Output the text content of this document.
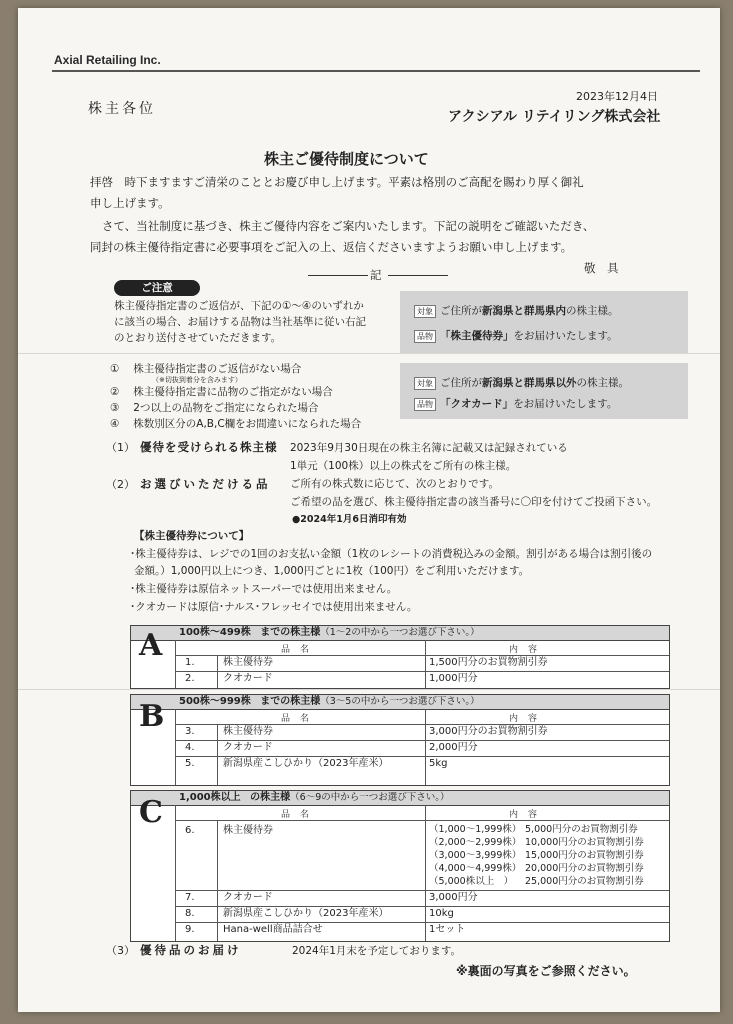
Axial Retailing Inc.
2023年12月4日
株主各位	アクシアル リテイリング株式会社
株主ご優待制度について
拝啓　時下ますますご清栄のこととお慶び申し上げます。平素は格別のご高配を賜わり厚く御礼
申し上げます。
さて、当社制度に基づき、株主ご優待内容をご案内いたします。下記の説明をご確認いただき、
同封の株主優待指定書に必要事項をご記入の上、返信くださいますようお願い申し上げます。
敬　具
記
ご注意
株主優待指定書のご返信が、下記の①～④のいずれか
に該当の場合、お届けする品物は当社基準に従い右記
のとおり送付させていただきます。
対象 ご住所が新潟県と群馬県内の株主様。
品物 「株主優待券」をお届けいたします。
対象 ご住所が新潟県と群馬県以外の株主様。
品物 「クオカード」をお届けいたします。
①　 株主優待指定書のご返信がない場合
（※切抜到着分を含みます）
②　 株主優待指定書に品物のご指定がない場合
③　 2つ以上の品物をご指定になられた場合
④　 株数別区分のA,B,C欄をお間違いになられた場合
（1） 優待を受けられる株主様 2023年9月30日現在の株主名簿に記載又は記録されている
1単元（100株）以上の株式をご所有の株主様。
（2） お選びいただける品 ご所有の株式数に応じて、次のとおりです。
ご希望の品を選び、株主優待指定書の該当番号に〇印を付けてご投函下さい。
●2024年1月6日消印有効
【株主優待券について】
･株主優待券は、レジでの1回のお支払い金額（1枚のレシートの消費税込みの金額。割引がある場合は割引後の
金額。）1,000円以上につき、1,000円ごとに1枚（100円）をご利用いただけます。
･株主優待券は原信ネットスーパーでは使用出来ません。
･クオカードは原信･ナルス･フレッセイでは使用出来ません。
100株～499株　 までの株主様（1～2の中から一つお選び下さい。）
A	品名	内容
1.	株主優待券	1,500円分のお買物割引券
2.	クオカード	1,000円分
500株～999株　 までの株主様（3～5の中から一つお選び下さい。）
B	品名	内容
3.	株主優待券	3,000円分のお買物割引券
4.	クオカード	2,000円分
5.	新潟県産こしひかり（2023年産米）	5kg
1,000株以上　 の株主様（6～9の中から一つお選び下さい。）
C	品名	内容
6.	株主優待券	（1,000～1,999株） 5,000円分のお買物割引券
（2,000～2,999株） 10,000円分のお買物割引券
（3,000～3,999株） 15,000円分のお買物割引券
（4,000～4,999株） 20,000円分のお買物割引券
（5,000株以上　） 25,000円分のお買物割引券
7.	クオカード	3,000円分
8.	新潟県産こしひかり（2023年産米）	10kg
9.	Hana-well商品詰合せ	1セット
（3） 優待品のお届け	2024年1月末を予定しております。
※裏面の写真をご参照ください。
